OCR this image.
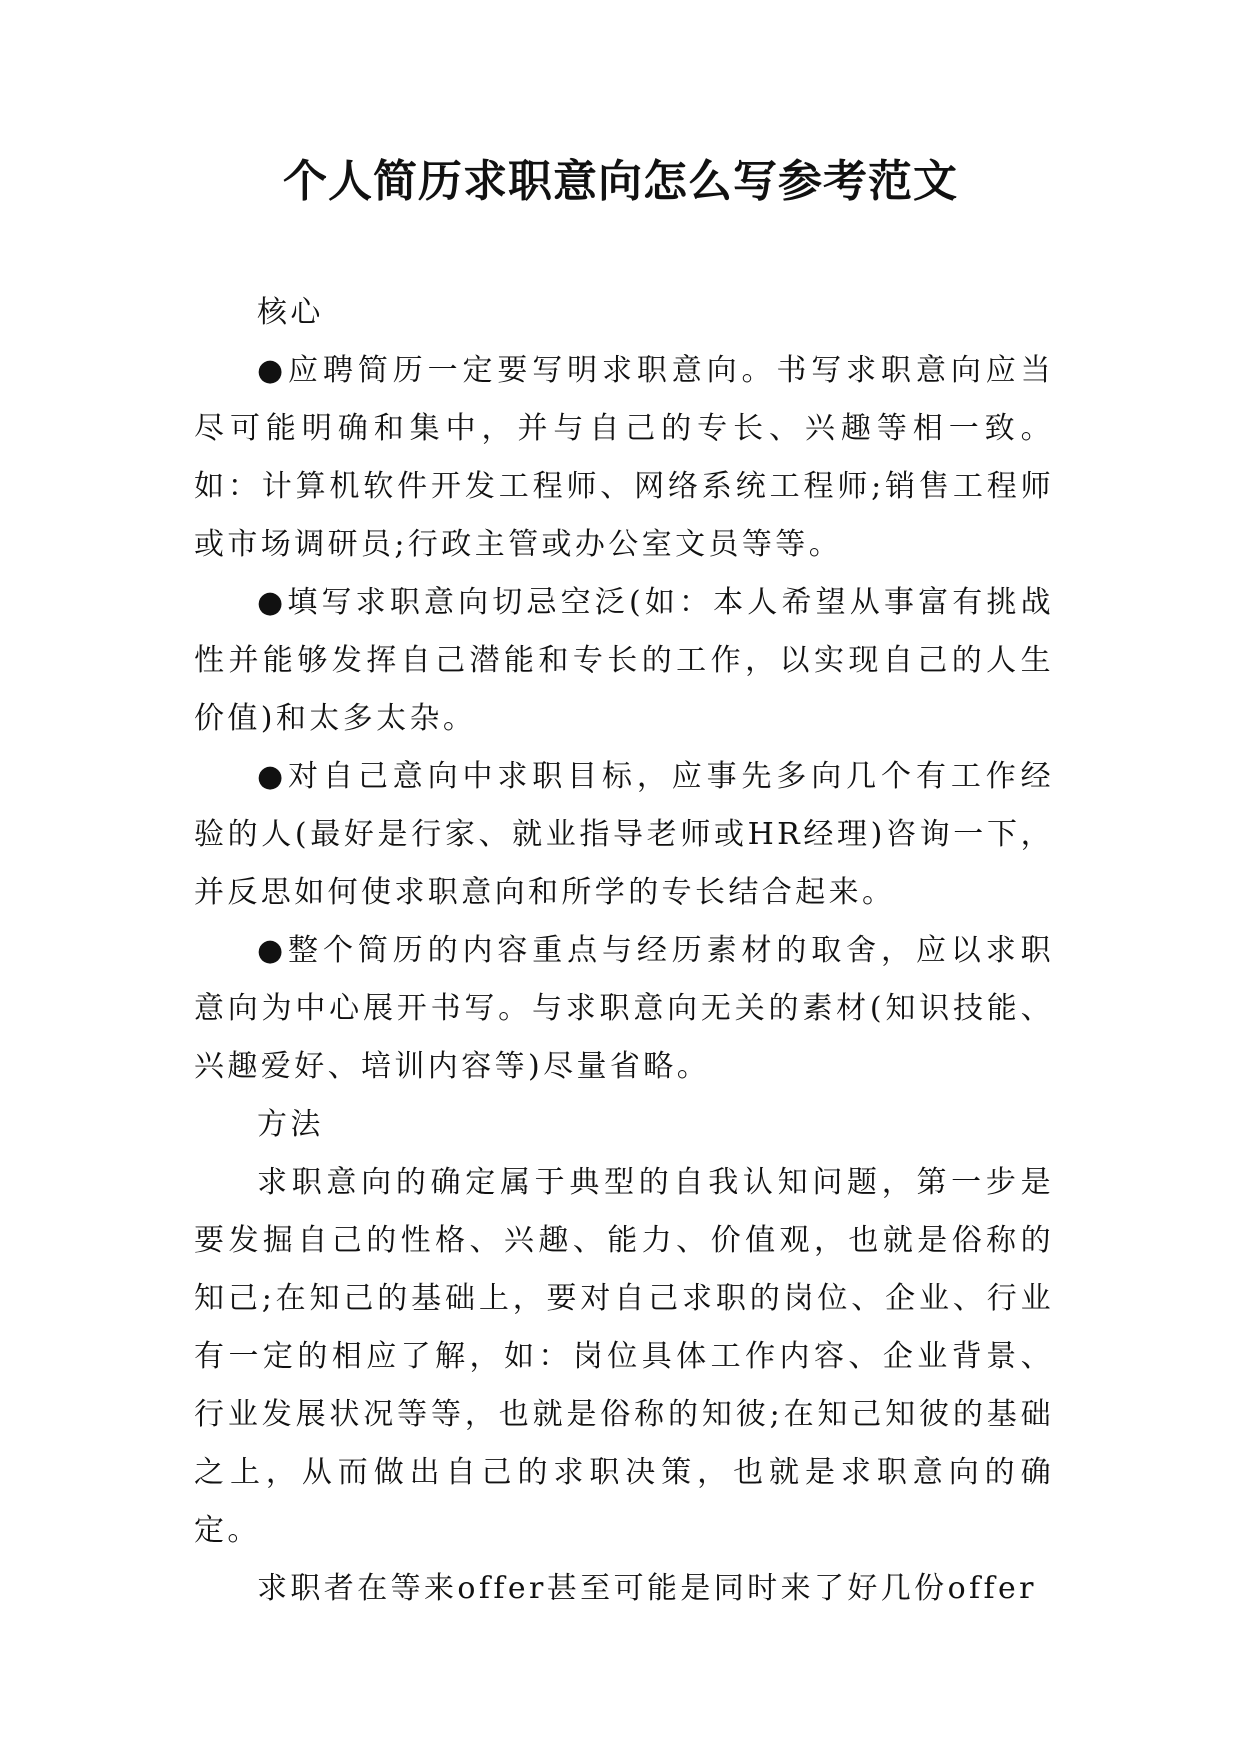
个人简历求职意向怎么写参考范文

核心

●应聘简历一定要写明求职意向。书写求职意向应当尽可能明确和集中，并与自己的专长、兴趣等相一致。如：计算机软件开发工程师、网络系统工程师;销售工程师或市场调研员;行政主管或办公室文员等等。

●填写求职意向切忌空泛(如：本人希望从事富有挑战性并能够发挥自己潜能和专长的工作，以实现自己的人生价值)和太多太杂。

●对自己意向中求职目标，应事先多向几个有工作经验的人(最好是行家、就业指导老师或HR经理)咨询一下，并反思如何使求职意向和所学的专长结合起来。

●整个简历的内容重点与经历素材的取舍，应以求职意向为中心展开书写。与求职意向无关的素材(知识技能、兴趣爱好、培训内容等)尽量省略。

方法

求职意向的确定属于典型的自我认知问题，第一步是要发掘自己的性格、兴趣、能力、价值观，也就是俗称的知己;在知己的基础上，要对自己求职的岗位、企业、行业有一定的相应了解，如：岗位具体工作内容、企业背景、行业发展状况等等，也就是俗称的知彼;在知己知彼的基础之上，从而做出自己的求职决策，也就是求职意向的确定。

求职者在等来offer甚至可能是同时来了好几份offer
